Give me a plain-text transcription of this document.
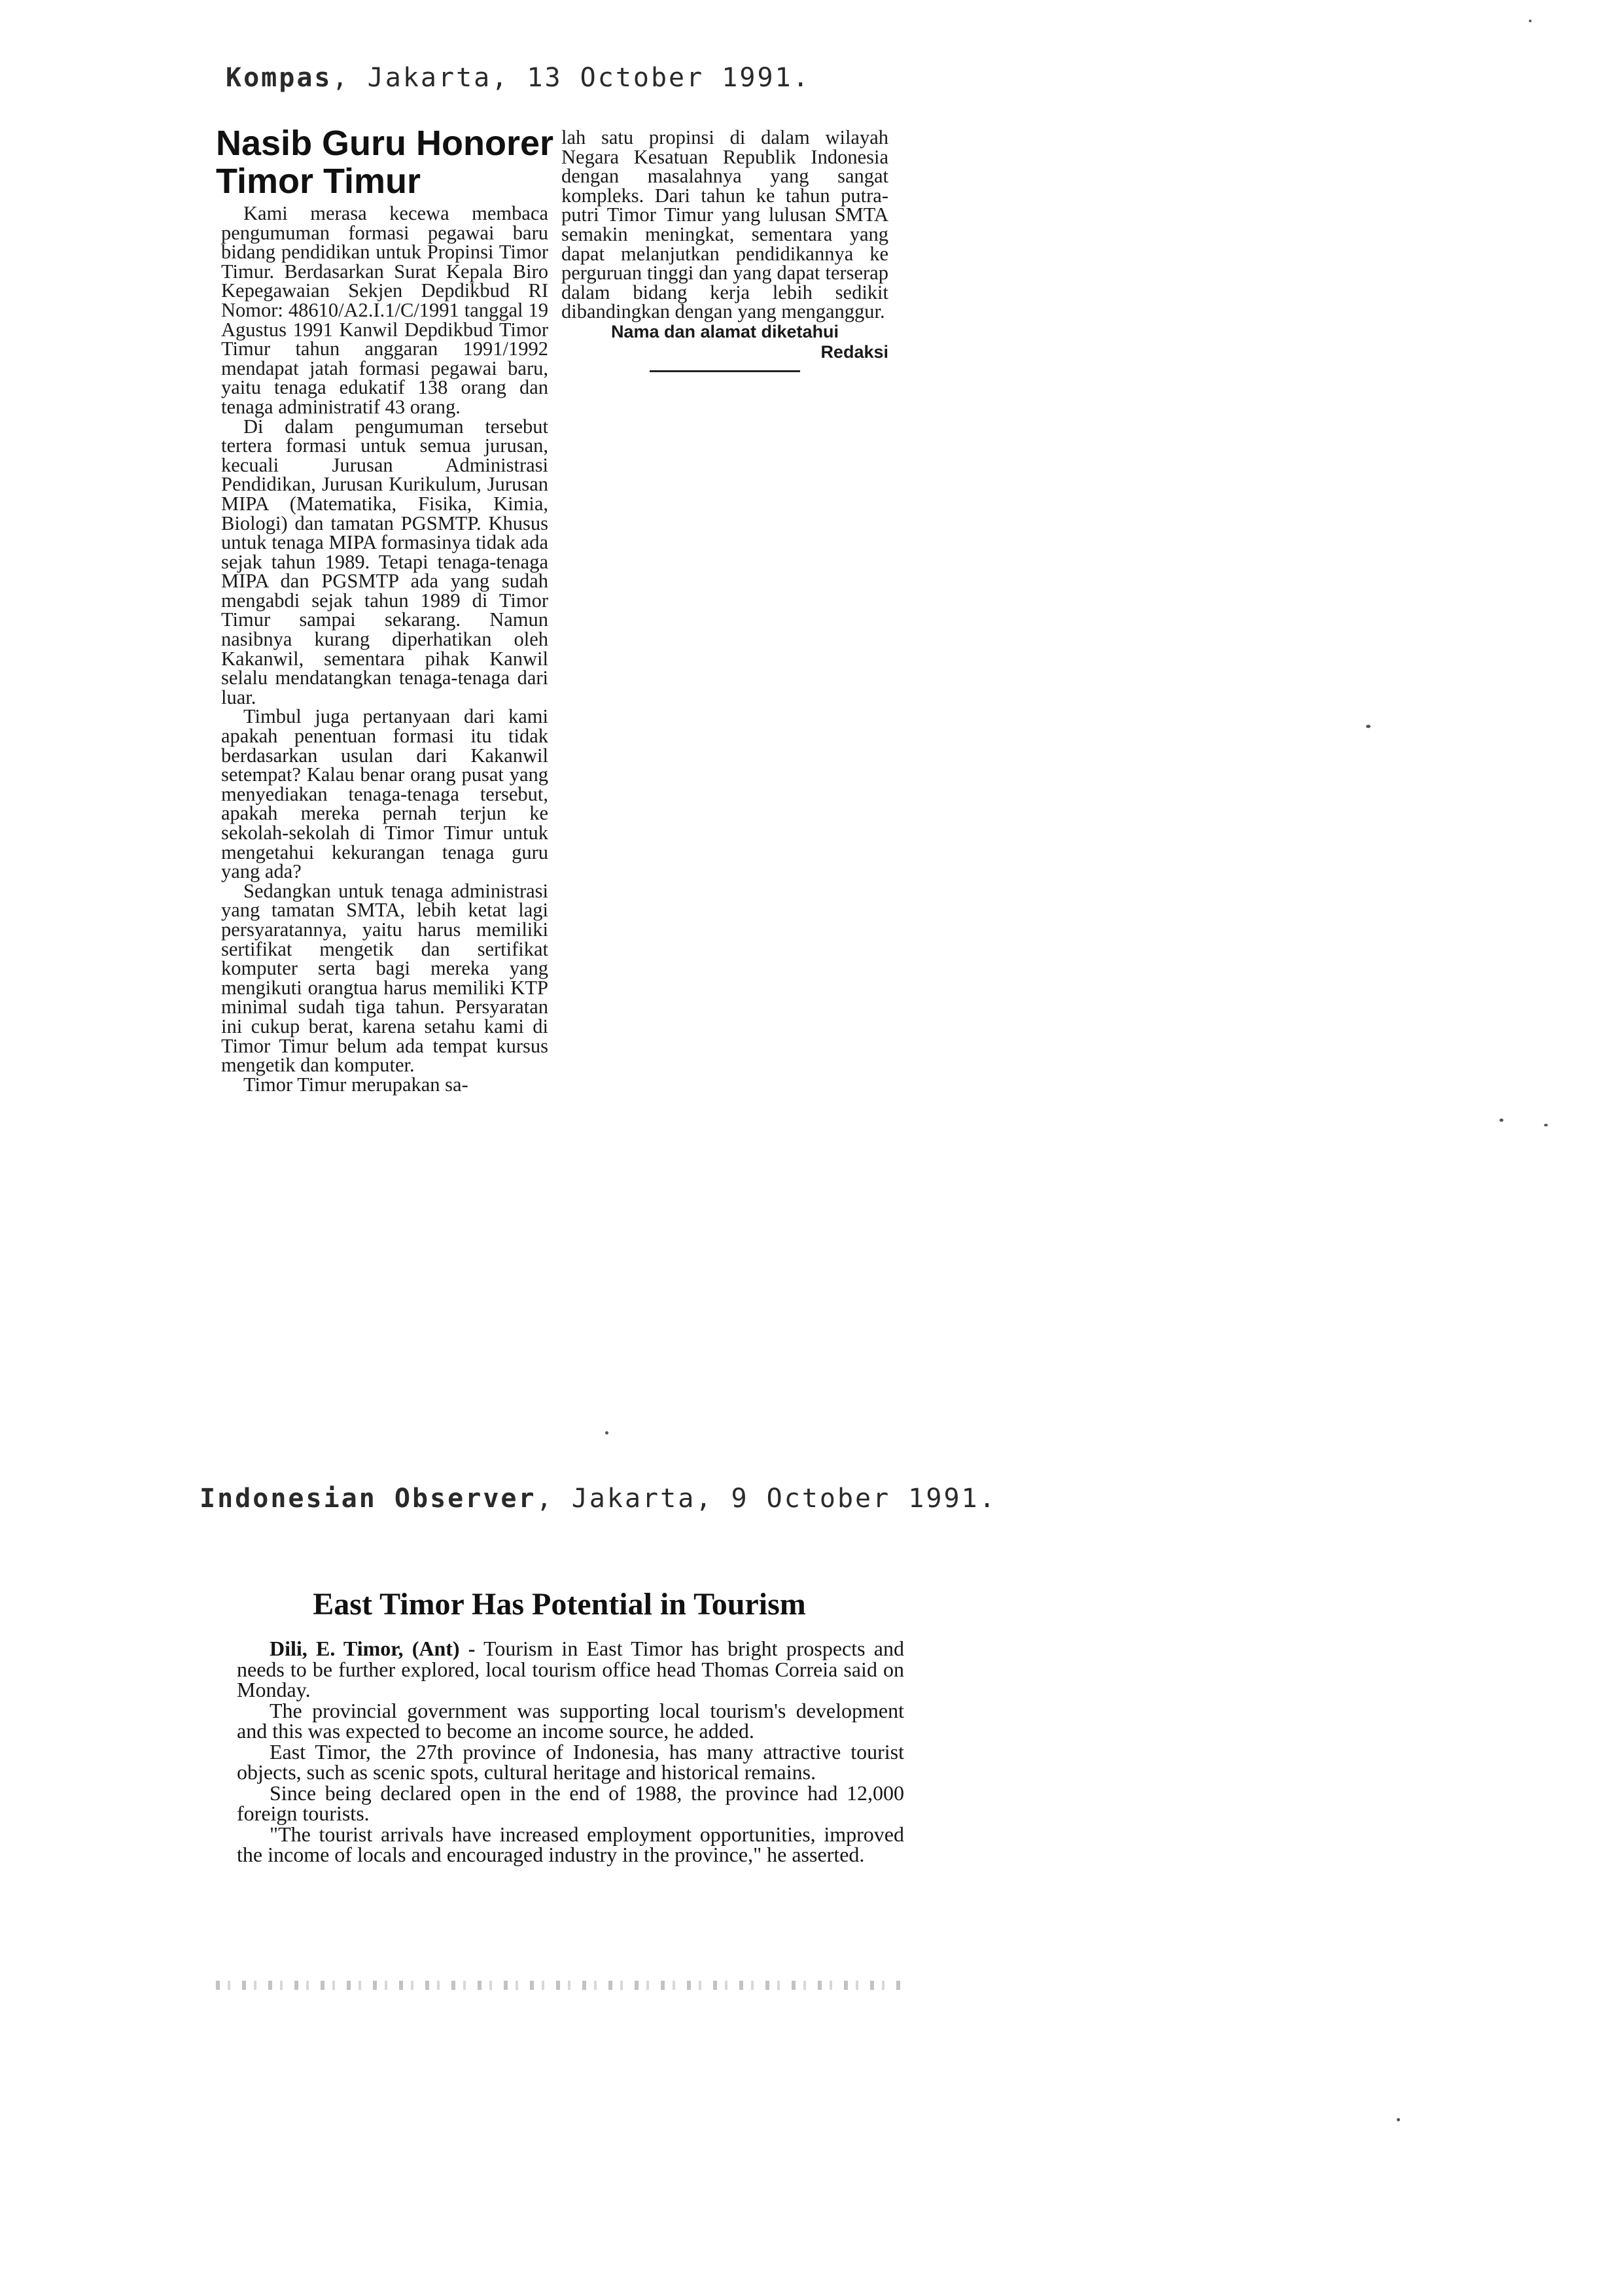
Kompas, Jakarta, 13 October 1991.
Nasib Guru Honorer Timor Timur

Kami merasa kecewa membaca pengumuman formasi pegawai baru bidang pendidikan untuk Propinsi Timor Timur. Berdasarkan Surat Kepala Biro Kepegawaian Sekjen Depdikbud RI Nomor: 48610/A2.I.1/C/1991 tanggal 19 Agustus 1991 Kanwil Depdikbud Timor Timur tahun anggaran 1991/1992 mendapat jatah formasi pegawai baru, yaitu tenaga edukatif 138 orang dan tenaga administratif 43 orang.

Di dalam pengumuman tersebut tertera formasi untuk semua jurusan, kecuali Jurusan Administrasi Pendidikan, Jurusan Kurikulum, Jurusan MIPA (Matematika, Fisika, Kimia, Biologi) dan tamatan PGSMTP. Khusus untuk tenaga MIPA formasinya tidak ada sejak tahun 1989. Tetapi tenaga-tenaga MIPA dan PGSMTP ada yang sudah mengabdi sejak tahun 1989 di Timor Timur sampai sekarang. Namun nasibnya kurang diperhatikan oleh Kakanwil, sementara pihak Kanwil selalu mendatangkan tenaga-tenaga dari luar.

Timbul juga pertanyaan dari kami apakah penentuan formasi itu tidak berdasarkan usulan dari Kakanwil setempat? Kalau benar orang pusat yang menyediakan tenaga-tenaga tersebut, apakah mereka pernah terjun ke sekolah-sekolah di Timor Timur untuk mengetahui kekurangan tenaga guru yang ada?

Sedangkan untuk tenaga administrasi yang tamatan SMTA, lebih ketat lagi persyaratannya, yaitu harus memiliki sertifikat mengetik dan sertifikat komputer serta bagi mereka yang mengikuti orangtua harus memiliki KTP minimal sudah tiga tahun. Persyaratan ini cukup berat, karena setahu kami di Timor Timur belum ada tempat kursus mengetik dan komputer.

Timor Timur merupakan sa-

lah satu propinsi di dalam wilayah Negara Kesatuan Republik Indonesia dengan masalahnya yang sangat kompleks. Dari tahun ke tahun putra-putri Timor Timur yang lulusan SMTA semakin meningkat, sementara yang dapat melanjutkan pendidikannya ke perguruan tinggi dan yang dapat terserap dalam bidang kerja lebih sedikit dibandingkan dengan yang menganggur.

Nama dan alamat diketahui
Redaksi
Indonesian Observer, Jakarta, 9 October 1991.
East Timor Has Potential in Tourism

Dili, E. Timor, (Ant) - Tourism in East Timor has bright prospects and needs to be further explored, local tourism office head Thomas Correia said on Monday.

The provincial government was supporting local tourism's development and this was expected to become an income source, he added.

East Timor, the 27th province of Indonesia, has many attractive tourist objects, such as scenic spots, cultural heritage and historical remains.

Since being declared open in the end of 1988, the province had 12,000 foreign tourists.

"The tourist arrivals have increased employment opportunities, improved the income of locals and encouraged industry in the province," he asserted.
